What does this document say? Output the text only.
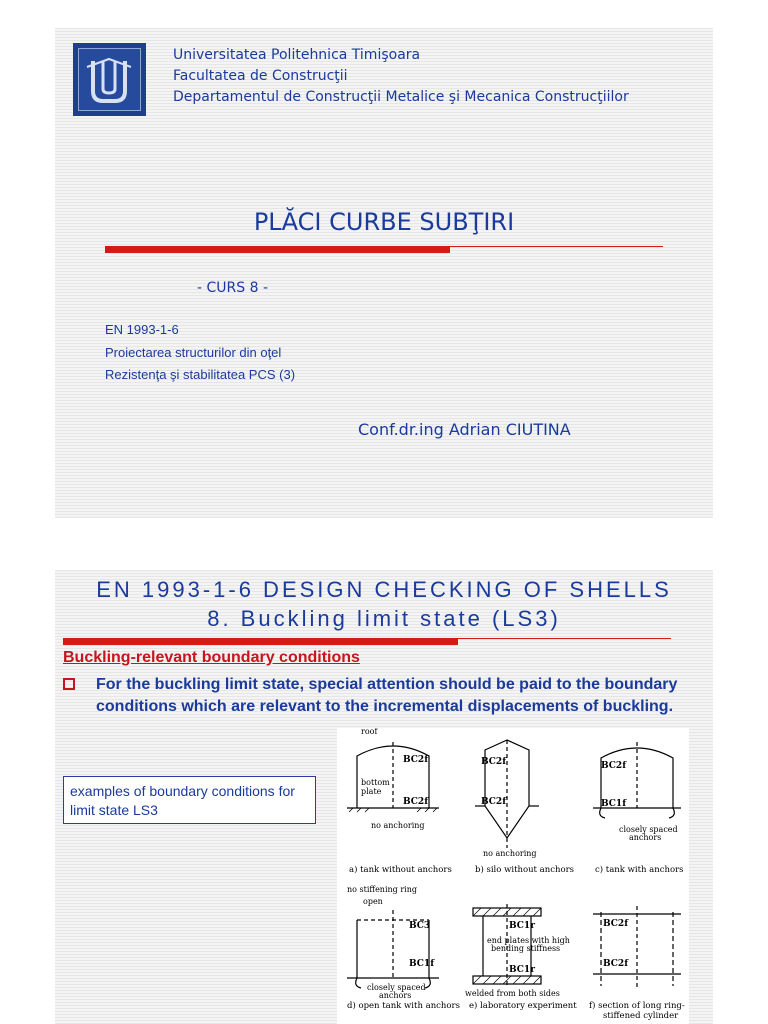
Universitatea Politehnica Timişoara
Facultatea de Construcţii
Departamentul de Construcţii Metalice şi Mecanica Construcţiilor
PLĂCI CURBE SUBŢIRI
- CURS 8 -
EN 1993-1-6
Proiectarea structurilor din oţel
Rezistenţa şi stabilitatea PCS (3)
Conf.dr.ing Adrian CIUTINA
EN 1993-1-6 DESIGN CHECKING OF SHELLS
8. Buckling limit state (LS3)
Buckling-relevant boundary conditions
For the buckling limit state, special attention should be paid to the boundary conditions which are relevant to the incremental displacements of buckling.
examples of boundary conditions for limit state LS3
roof
bottom
plate
no anchoring
no anchoring
closely spaced
anchors
no stiffening ring
open
closely spaced
anchors
end plates with high
bending stiffness
welded from both sides
BC2f
BC2f
BC2f
BC2f
BC2f
BC1f
BC3
BC1f
BC1r
BC1r
BC2f
BC2f
a) tank without anchors	b) silo without anchors c) tank with anchors
d) open tank with anchors e) laboratory experiment f) section of long ring-
stiffened cylinder
